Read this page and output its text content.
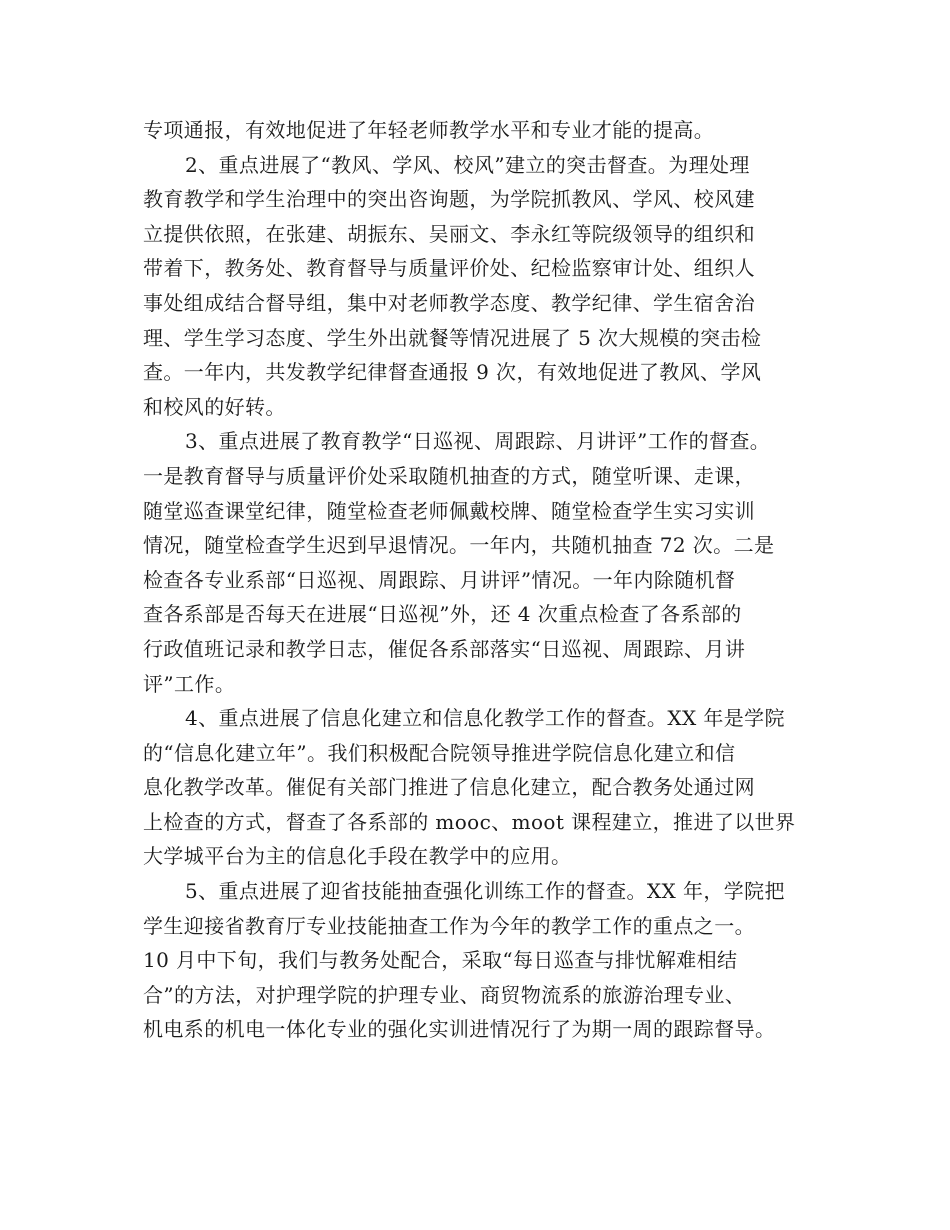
专项通报，有效地促进了年轻老师教学水平和专业才能的提高。
2、重点进展了“教风、学风、校风”建立的突击督查。为理处理
教育教学和学生治理中的突出咨询题，为学院抓教风、学风、校风建
立提供依照，在张建、胡振东、吴丽文、李永红等院级领导的组织和
带着下，教务处、教育督导与质量评价处、纪检监察审计处、组织人
事处组成结合督导组，集中对老师教学态度、教学纪律、学生宿舍治
理、学生学习态度、学生外出就餐等情况进展了 5 次大规模的突击检
查。一年内，共发教学纪律督查通报 9 次，有效地促进了教风、学风
和校风的好转。
3、重点进展了教育教学“日巡视、周跟踪、月讲评”工作的督查。
一是教育督导与质量评价处采取随机抽查的方式，随堂听课、走课，
随堂巡查课堂纪律，随堂检查老师佩戴校牌、随堂检查学生实习实训
情况，随堂检查学生迟到早退情况。一年内，共随机抽查 72 次。二是
检查各专业系部“日巡视、周跟踪、月讲评”情况。一年内除随机督
查各系部是否每天在进展“日巡视”外，还 4 次重点检查了各系部的
行政值班记录和教学日志，催促各系部落实“日巡视、周跟踪、月讲
评”工作。
4、重点进展了信息化建立和信息化教学工作的督查。XX 年是学院
的“信息化建立年”。我们积极配合院领导推进学院信息化建立和信
息化教学改革。催促有关部门推进了信息化建立，配合教务处通过网
上检查的方式，督查了各系部的 mooc、moot 课程建立，推进了以世界
大学城平台为主的信息化手段在教学中的应用。
5、重点进展了迎省技能抽查强化训练工作的督查。XX 年，学院把
学生迎接省教育厅专业技能抽查工作为今年的教学工作的重点之一。
10 月中下旬，我们与教务处配合，采取“每日巡查与排忧解难相结
合”的方法，对护理学院的护理专业、商贸物流系的旅游治理专业、
机电系的机电一体化专业的强化实训进情况行了为期一周的跟踪督导。
